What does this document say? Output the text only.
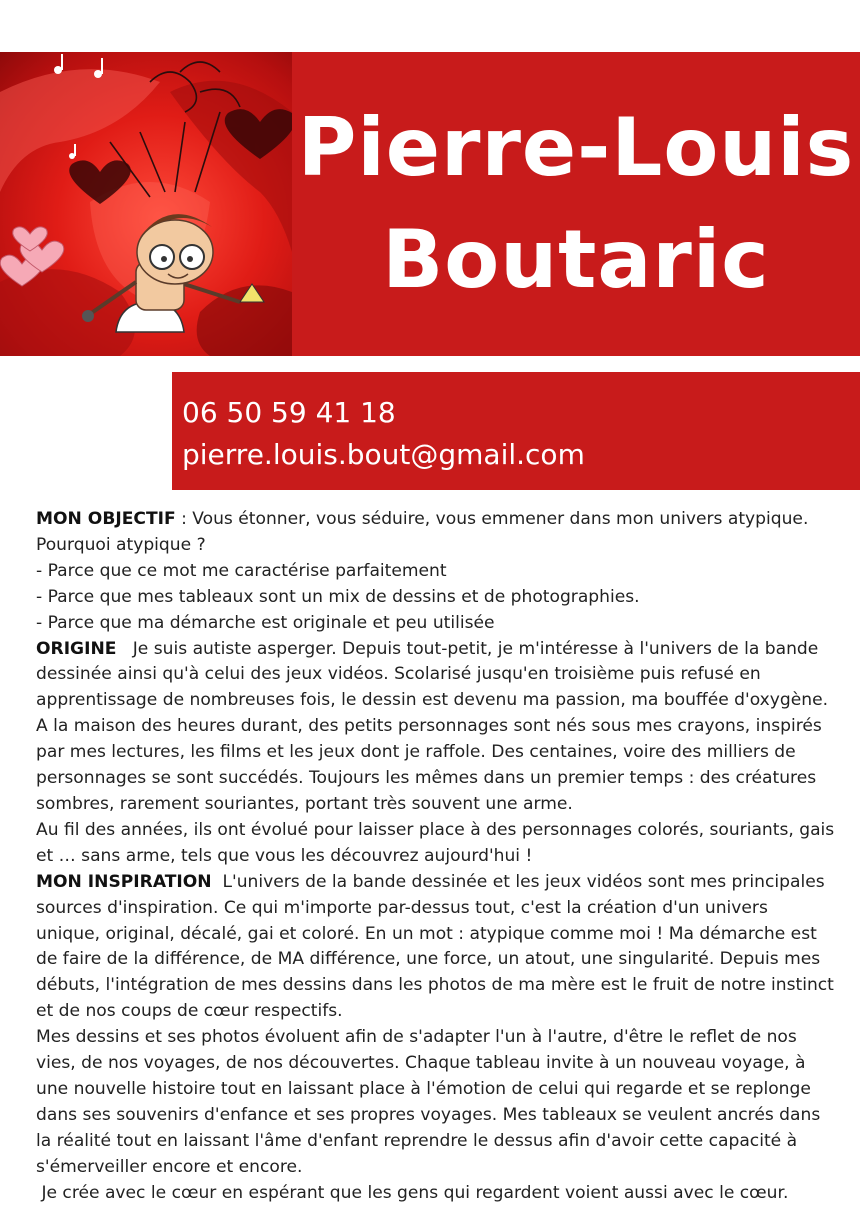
Pierre-Louis
Boutaric
06 50 59 41 18
pierre.louis.bout@gmail.com

MON OBJECTIF : Vous étonner, vous séduire, vous emmener dans mon univers atypique.

Pourquoi atypique ?

- Parce que ce mot me caractérise parfaitement

- Parce que mes tableaux sont un mix de dessins et de photographies.

- Parce que ma démarche est originale et peu utilisée

ORIGINE Je suis autiste asperger. Depuis tout-petit, je m'intéresse à l'univers de la bande dessinée ainsi qu'à celui des jeux vidéos. Scolarisé jusqu'en troisième puis refusé en apprentissage de nombreuses fois, le dessin est devenu ma passion, ma bouffée d'oxygène. A la maison des heures durant, des petits personnages sont nés sous mes crayons, inspirés par mes lectures, les films et les jeux dont je raffole. Des centaines, voire des milliers de personnages se sont succédés. Toujours les mêmes dans un premier temps : des créatures sombres, rarement souriantes, portant très souvent une arme.

Au fil des années, ils ont évolué pour laisser place à des personnages colorés, souriants, gais et … sans arme, tels que vous les découvrez aujourd'hui !

MON INSPIRATION L'univers de la bande dessinée et les jeux vidéos sont mes principales sources d'inspiration. Ce qui m'importe par-dessus tout, c'est la création d'un univers unique, original, décalé, gai et coloré. En un mot : atypique comme moi ! Ma démarche est de faire de la différence, de MA différence, une force, un atout, une singularité. Depuis mes débuts, l'intégration de mes dessins dans les photos de ma mère est le fruit de notre instinct et de nos coups de cœur respectifs.

Mes dessins et ses photos évoluent afin de s'adapter l'un à l'autre, d'être le reflet de nos vies, de nos voyages, de nos découvertes. Chaque tableau invite à un nouveau voyage, à une nouvelle histoire tout en laissant place à l'émotion de celui qui regarde et se replonge dans ses souvenirs d'enfance et ses propres voyages. Mes tableaux se veulent ancrés dans la réalité tout en laissant l'âme d'enfant reprendre le dessus afin d'avoir cette capacité à s'émerveiller encore et encore.

Je crée avec le cœur en espérant que les gens qui regardent voient aussi avec le cœur.
